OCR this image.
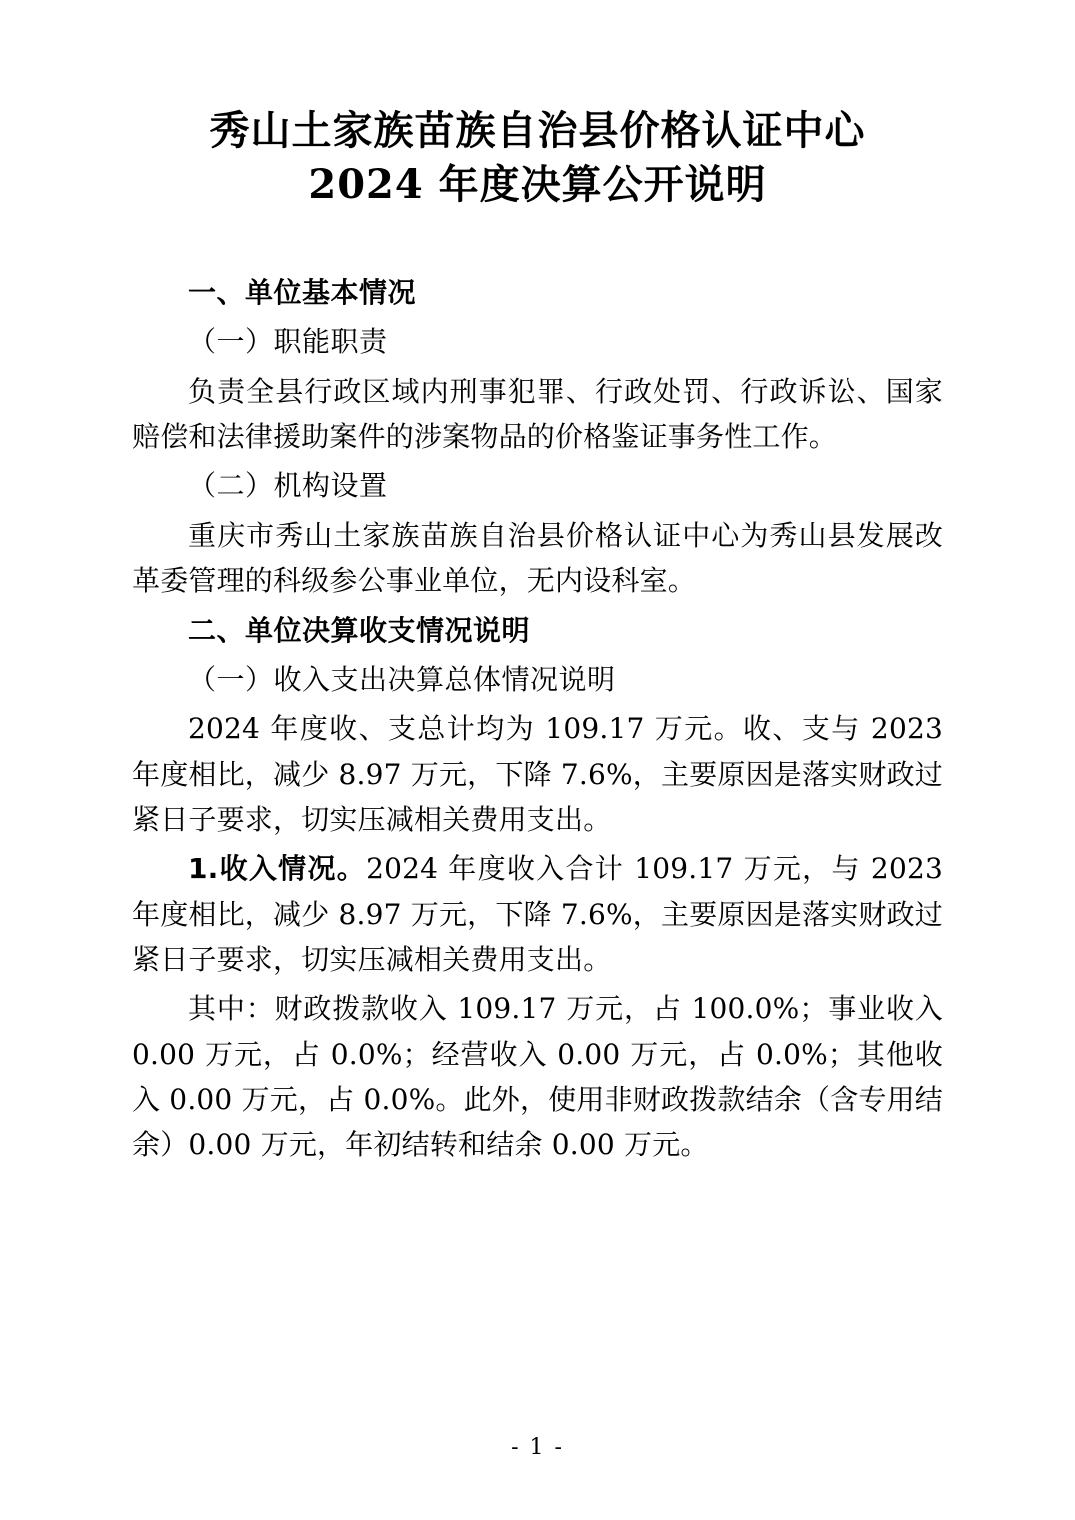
秀山土家族苗族自治县价格认证中心
2024 年度决算公开说明

一、单位基本情况

（一）职能职责

负责全县行政区域内刑事犯罪、行政处罚、行政诉讼、国家赔偿和法律援助案件的涉案物品的价格鉴证事务性工作。

（二）机构设置

重庆市秀山土家族苗族自治县价格认证中心为秀山县发展改革委管理的科级参公事业单位，无内设科室。

二、单位决算收支情况说明

（一）收入支出决算总体情况说明

2024 年度收、支总计均为 109.17 万元。收、支与 2023 年度相比，减少 8.97 万元，下降 7.6%，主要原因是落实财政过紧日子要求，切实压减相关费用支出。

1.收入情况。2024 年度收入合计 109.17 万元，与 2023 年度相比，减少 8.97 万元，下降 7.6%，主要原因是落实财政过紧日子要求，切实压减相关费用支出。

其中：财政拨款收入 109.17 万元，占 100.0%；事业收入 0.00 万元，占 0.0%；经营收入 0.00 万元，占 0.0%；其他收入 0.00 万元，占 0.0%。此外，使用非财政拨款结余（含专用结余）0.00 万元，年初结转和结余 0.00 万元。

- 1 -
